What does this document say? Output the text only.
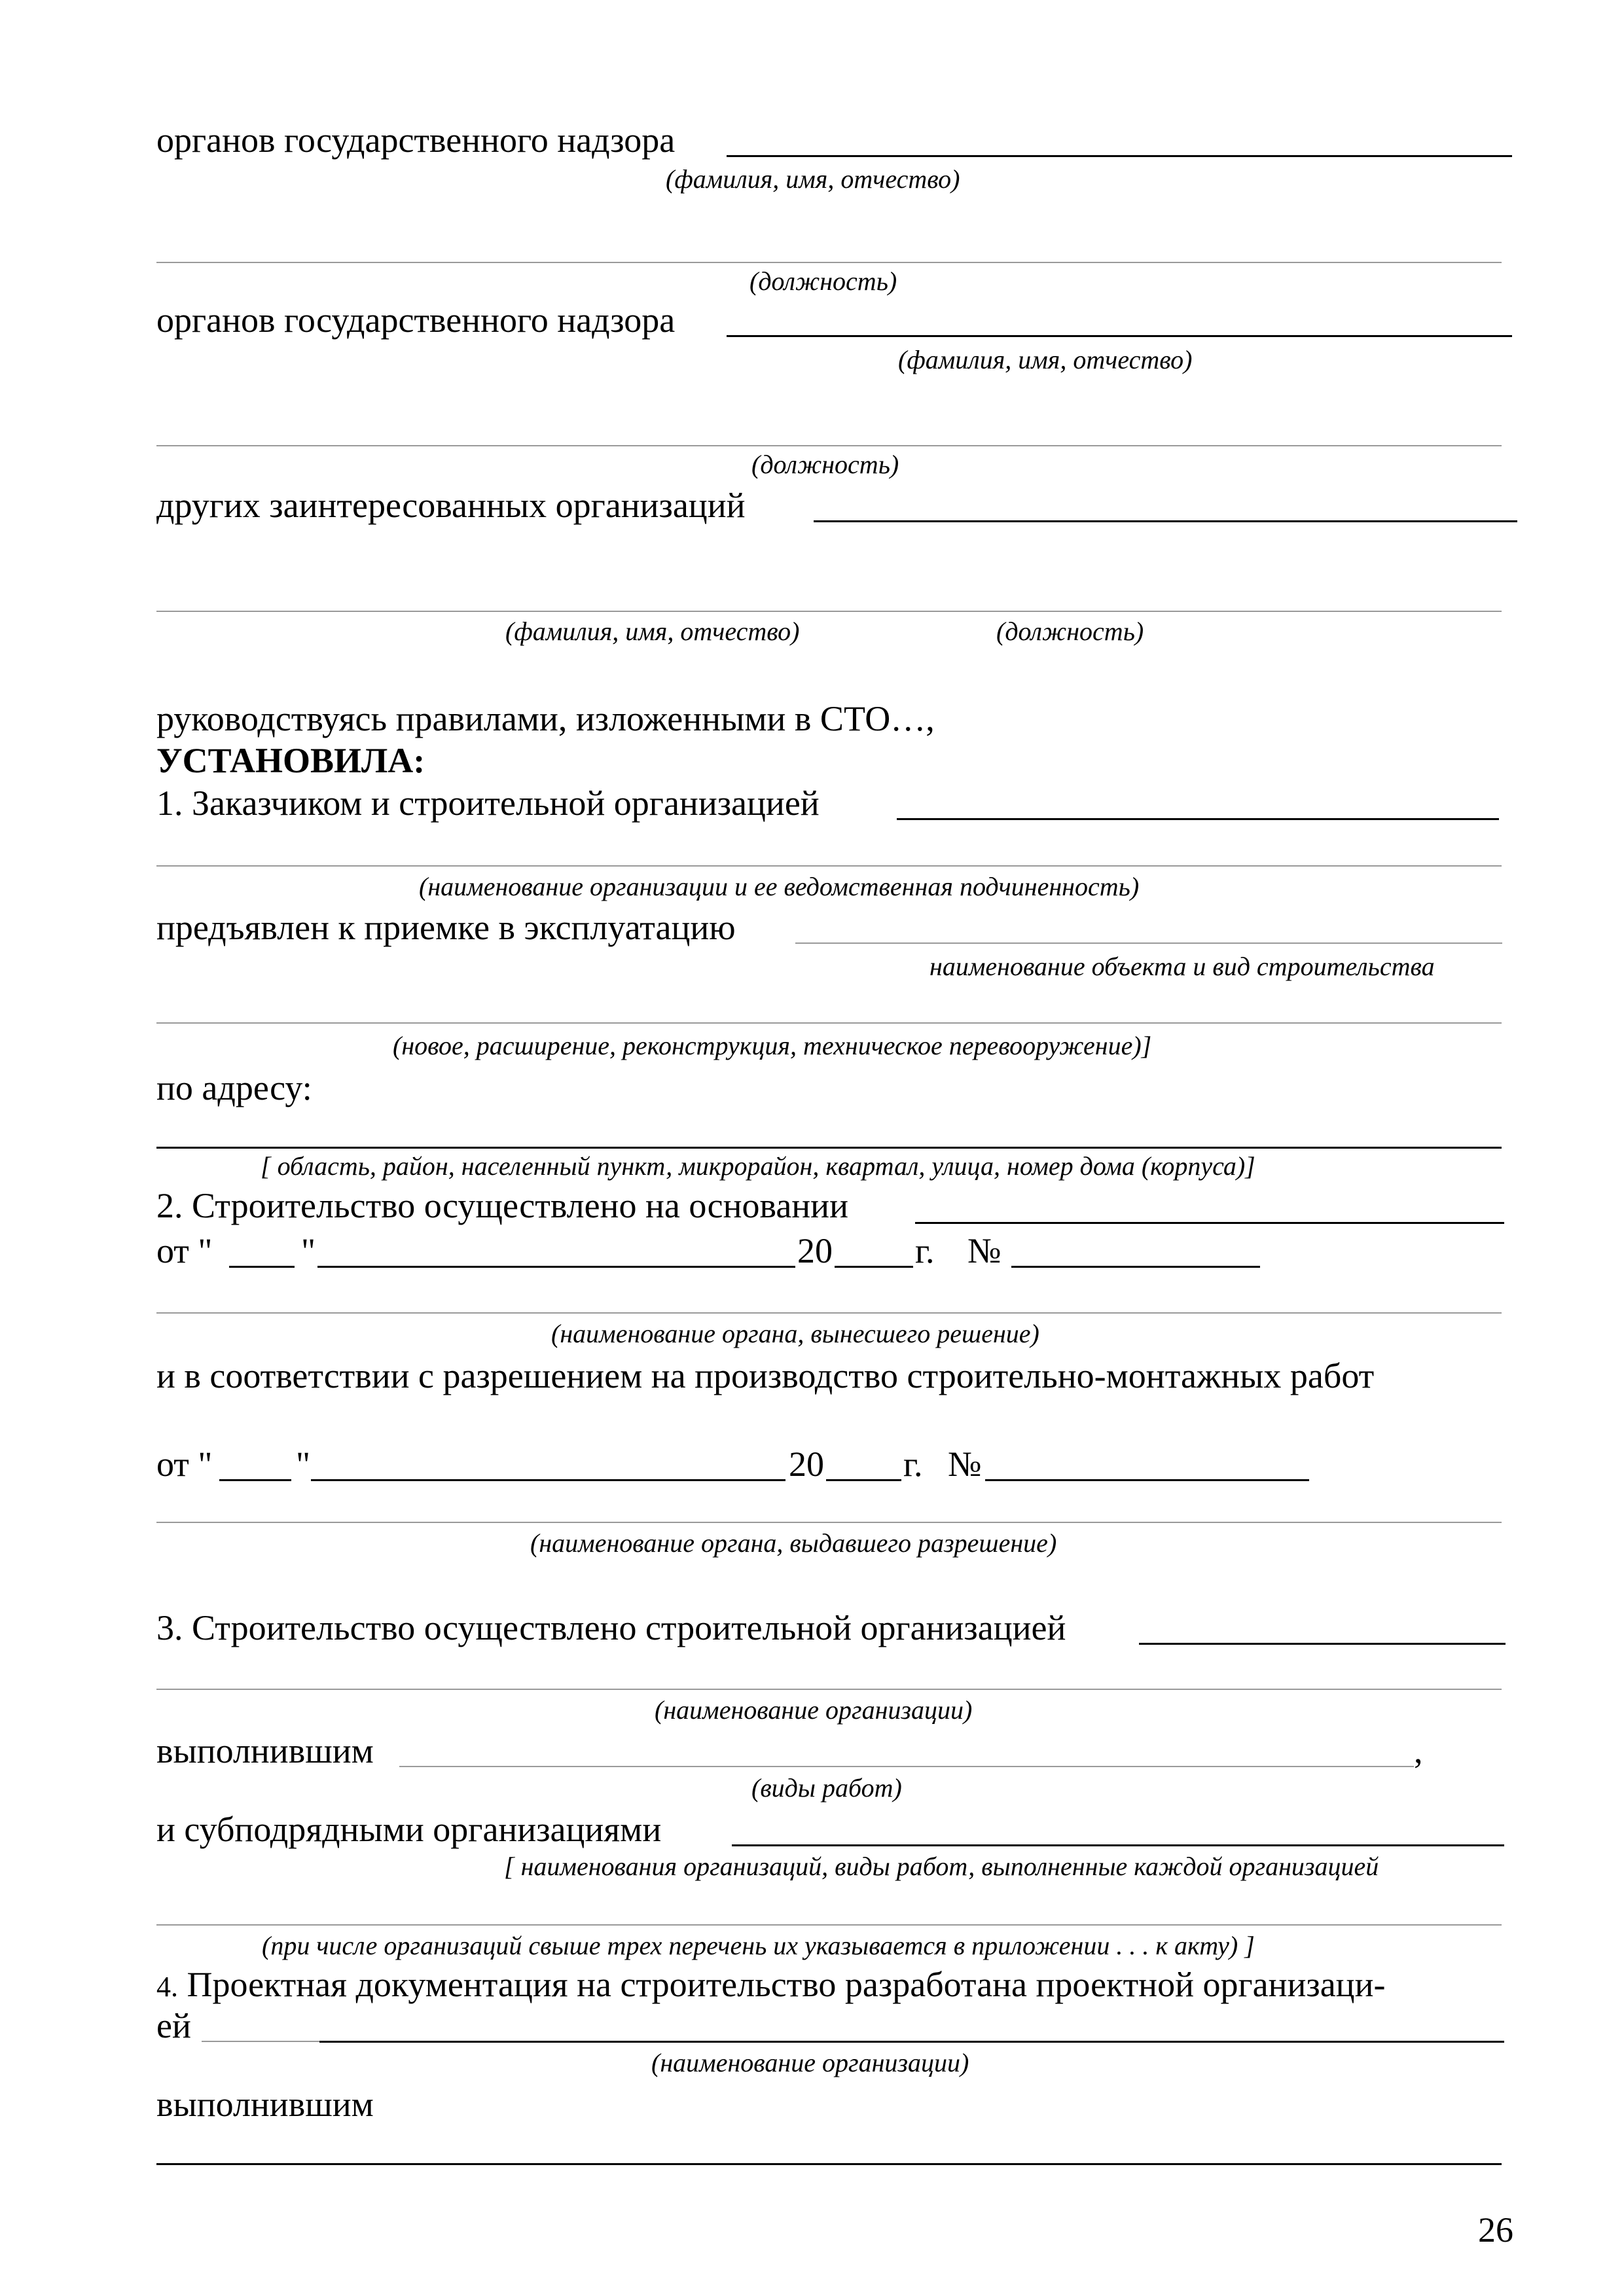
органов государственного надзора
(фамилия, имя, отчество)
(должность)
органов государственного надзора
(фамилия, имя, отчество)
(должность)
других заинтересованных организаций
(фамилия, имя, отчество)	(должность)
руководствуясь правилами, изложенными в СТО…,
УСТАНОВИЛА:
1. Заказчиком и строительной организацией
(наименование организации и ее ведомственная подчиненность)
предъявлен к приемке в эксплуатацию
наименование объекта и вид строительства
(новое, расширение, реконструкция, техническое перевооружение)]
по адресу:
[ область, район, населенный пункт, микрорайон, квартал, улица, номер дома (корпуса)]
2. Строительство осуществлено на основании
от "	"	20 г. №
(наименование органа, вынесшего решение)
и в соответствии с разрешением на производство строительно-монтажных работ
от " "	20 г. №
(наименование органа, выдавшего разрешение)
3. Строительство осуществлено строительной организацией
(наименование организации)
выполнившим	,
(виды работ)
и субподрядными организациями
[ наименования организаций, виды работ, выполненные каждой организацией
(при числе организаций свыше трех перечень их указывается в приложении . . . к акту) ]
4. Проектная документация на строительство разработана проектной организаци-
ей
(наименование организации)
выполнившим
26
